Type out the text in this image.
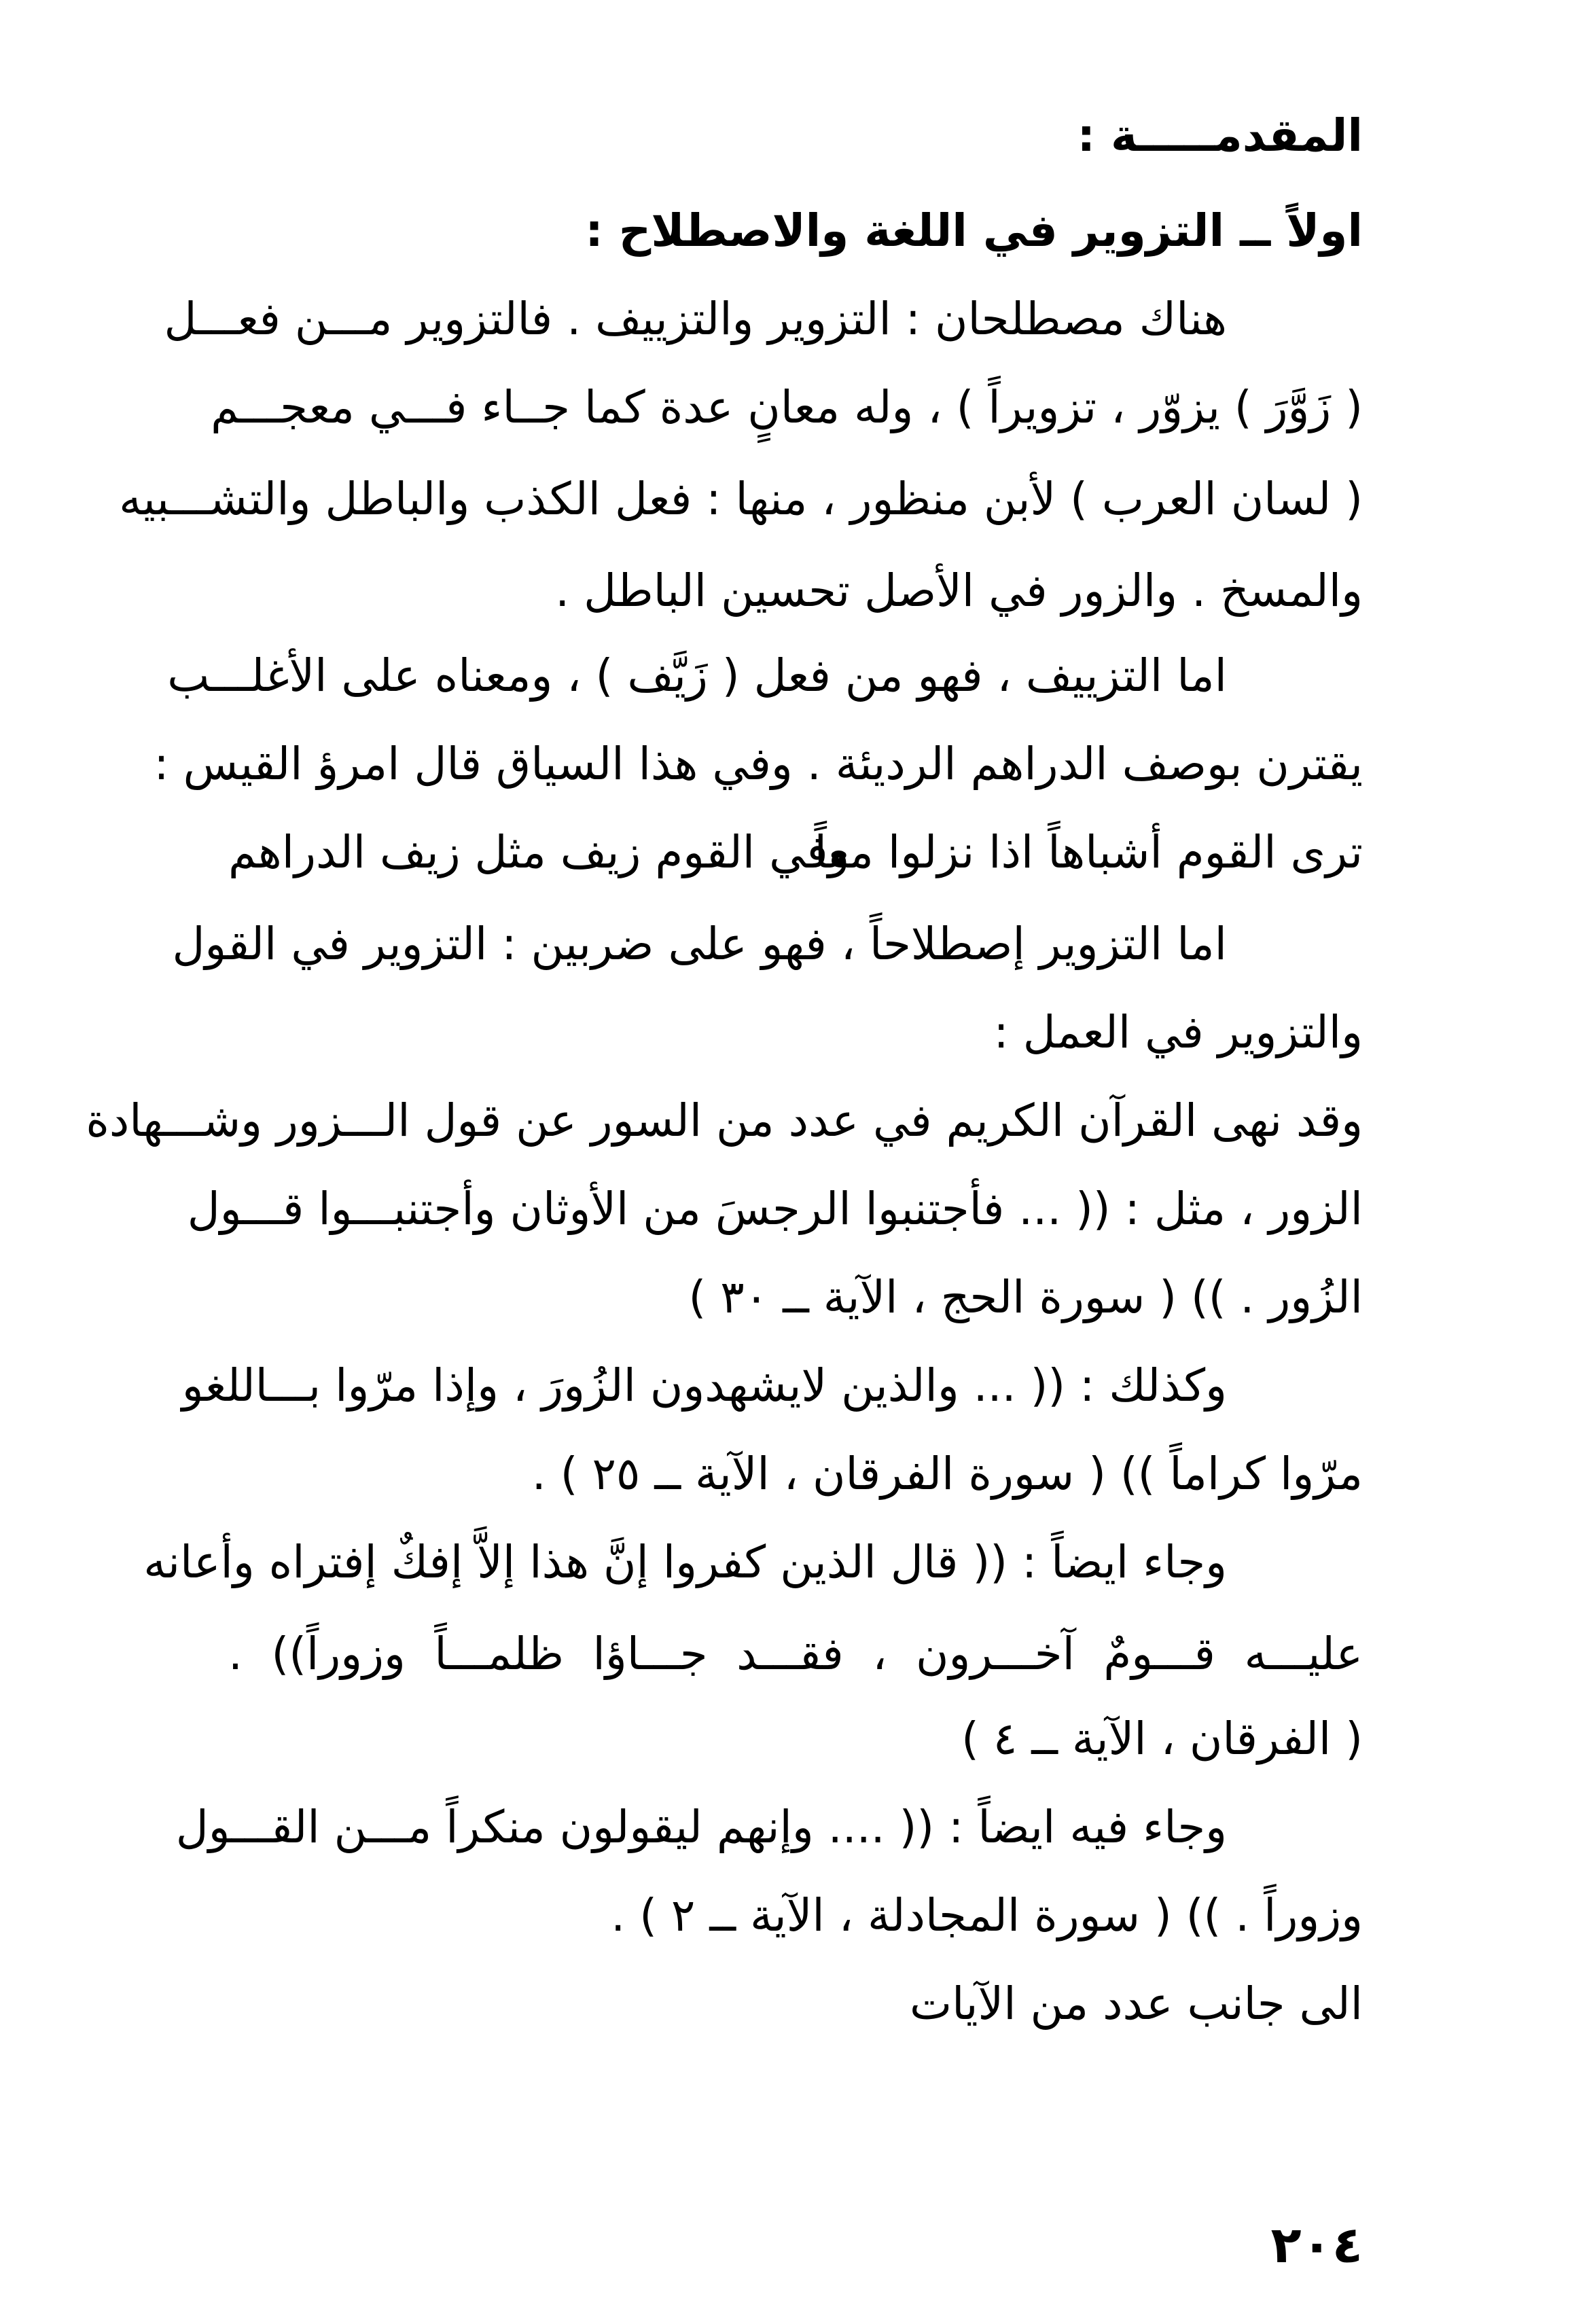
المقدمـــــة :
اولاً ــ التزوير في اللغة والاصطلاح :
هناك مصطلحان : التزوير والتزييف . فالتزوير مـــن فعـــل
( زَوَّرَ ) يزوّر ، تزويراً ) ، وله معانٍ عدة كما جــاء فـــي معجـــم
( لسان العرب ) لأبن منظور ، منها : فعل الكذب والباطل والتشـــبيه
والمسخ . والزور في الأصل تحسين الباطل .
اما التزييف ، فهو من فعل ( زَيَّف ) ، ومعناه على الأغلـــب
يقترن بوصف الدراهم الرديئة . وفي هذا السياق قال امرؤ القيس :
ترى القوم أشباهاً اذا نزلوا معاً
وفي القوم زيف مثل زيف الدراهم
اما التزوير إصطلاحاً ، فهو على ضربين : التزوير في القول
والتزوير في العمل :
وقد نهى القرآن الكريم في عدد من السور عن قول الـــزور وشـــهادة
الزور ، مثل : (( ... فأجتنبوا الرجسَ من الأوثان وأجتنبـــوا قـــول
الزُور . )) ( سورة الحج ، الآية ــ ٣٠ )
وكذلك : (( ... والذين لايشهدون الزُورَ ، وإذا مرّوا بـــاللغو
مرّوا كراماً )) ( سورة الفرقان ، الآية ــ ٢٥ ) .
وجاء ايضاً : (( قال الذين كفروا إنَّ هذا إلاَّ إفكٌ إفتراه وأعانه
عليـــه قـــومٌ آخـــرون ، فقـــد جـــاؤا ظلمـــاً وزوراً)) .
( الفرقان ، الآية ــ ٤ )
وجاء فيه ايضاً : (( .... وإنهم ليقولون منكراً مـــن القـــول
وزوراً . )) ( سورة المجادلة ، الآية ــ ٢ ) .
الى جانب عدد من الآيات
٢٠٤
